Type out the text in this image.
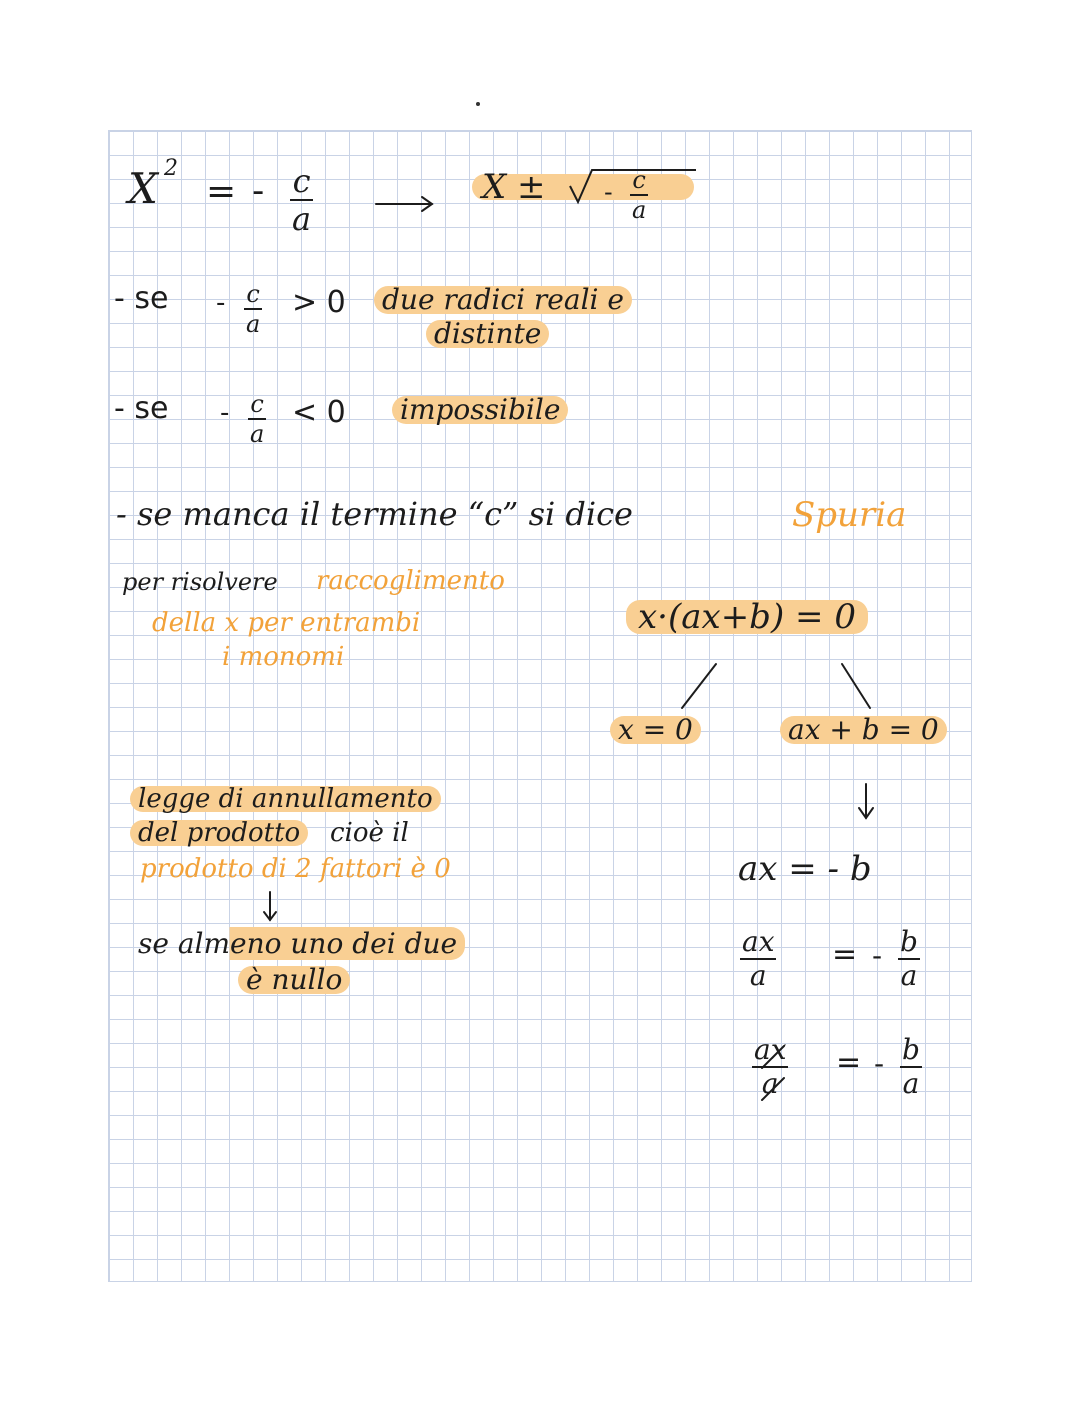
X 2
= - c
a
X ± - c
a
- se - c
a
> 0 due radici reali e
distinte
- se - c
a
< 0 impossibile
- se manca il termine “c” si dice	Spuria
per risolvere raccoglimento
della x per entrambi
i monomi
x·(ax+b) = 0
x = 0	ax + b = 0
ax = - b
ax
a
= - b
a
ax
a
= - b
a
legge di annullamento
del prodotto	cioè il
prodotto di 2 fattori è 0
se almeno uno dei due
è nullo
